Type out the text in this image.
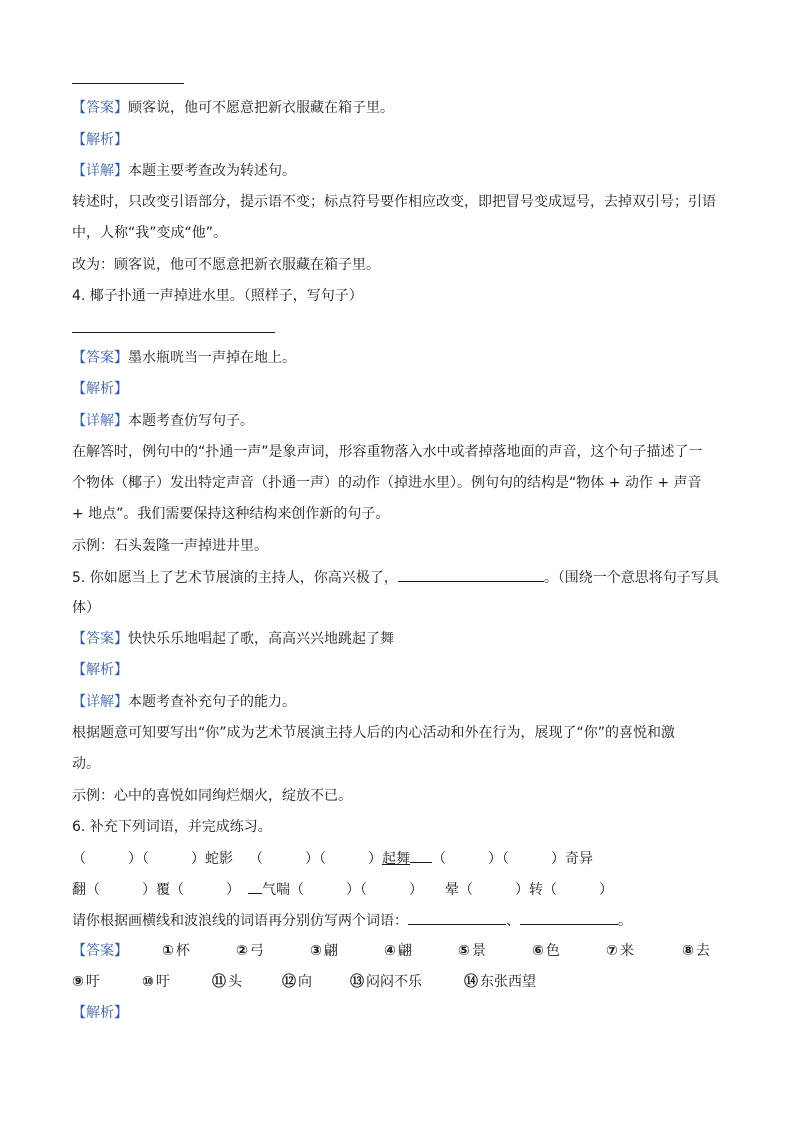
【答案】顾客说，他可不愿意把新衣服藏在箱子里。
【解析】
【详解】本题主要考查改为转述句。
转述时，只改变引语部分，提示语不变；标点符号要作相应改变，即把冒号变成逗号，去掉双引号；引语
中，人称“我”变成“他”。
改为：顾客说，他可不愿意把新衣服藏在箱子里。
4. 椰子扑通一声掉进水里。（照样子，写句子）
【答案】墨水瓶咣当一声掉在地上。
【解析】
【详解】本题考查仿写句子。
在解答时，例句中的“扑通一声”是象声词，形容重物落入水中或者掉落地面的声音，这个句子描述了一
个物体（椰子）发出特定声音（扑通一声）的动作（掉进水里）。例句句的结构是“物体 + 动作 + 声音
+ 地点”。我们需要保持这种结构来创作新的句子。
示例：石头轰隆一声掉进井里。
5. 你如愿当上了艺术节展演的主持人，你高兴极了，	。（围绕一个意思将句子写具
体）
【答案】快快乐乐地唱起了歌，高高兴兴地跳起了舞
【解析】
【详解】本题考查补充句子的能力。
根据题意可知要写出“你”成为艺术节展演主持人后的内心活动和外在行为，展现了“你”的喜悦和激
动。
示例：心中的喜悦如同绚烂烟火，绽放不已。
6. 补充下列词语，并完成练习。
（　　　）（　　　）蛇影 （　　　）（　　　）起舞 （　　　）（　　　）奇异
翻（　　　）覆（　　　） 气喘（　　　）（　　　） 晕（　　　）转（　　　）
请你根据画横线和波浪线的词语再分别仿写两个词语：	、	。
【答案】	① 杯	② 弓	③ 翩	④ 翩	⑤ 景	⑥ 色	⑦ 来	⑧ 去
⑨ 吁	⑩ 吁	⑪ 头	⑫ 向	⑬ 闷闷不乐	⑭ 东张西望
【解析】
